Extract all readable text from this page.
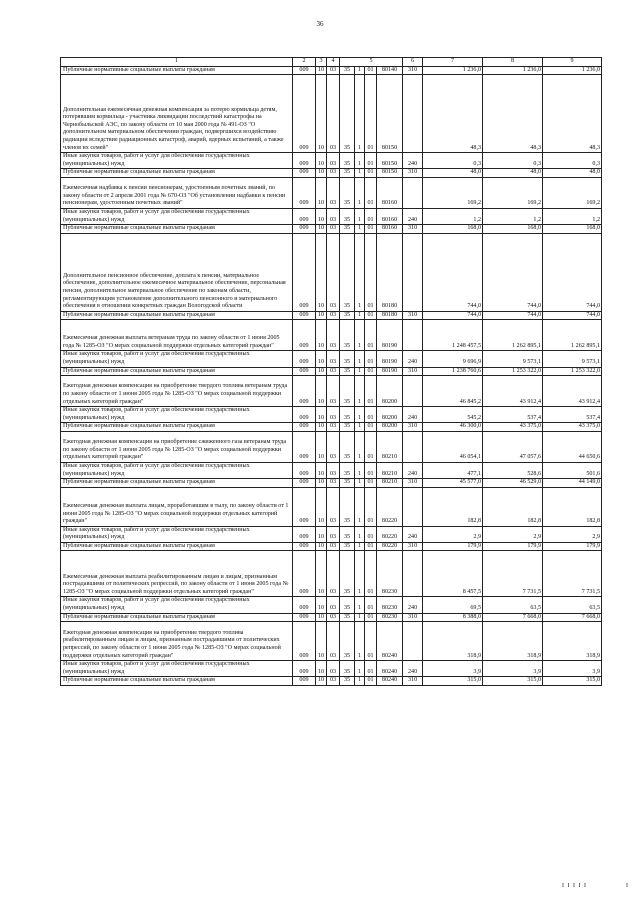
36
1	2	3	4	5				6	7	8	9
Публичные нормативные социальные выплаты гражданам	009	10	03	35	1	01	80140	310	1 236,0	1 236,0	1 236,0
Дополнительная ежемесячная денежная компенсация за потерю кормильца детям, потерявшим кормильца - участника ликвидации последствий катастрофы на Чернобыльской АЭС, по закону области от 10 мая 2000 года № 491-ОЗ "О дополнительном материальном обеспечении граждан, подвергшихся воздействию радиации вследствие радиационных катастроф, аварий, ядерных испытаний, а также членов их семей"	009	10	03	35	1	01	80150		48,3	48,3	48,3
Иные закупки товаров, работ и услуг для обеспечения государственных (муниципальных) нужд	009	10	03	35	1	01	80150	240	0,3	0,3	0,3
Публичные нормативные социальные выплаты гражданам	009	10	03	35	1	01	80150	310	48,0	48,0	48,0
Ежемесячная надбавка к пенсии пенсионерам, удостоенным почетных званий, по закону области от 2 апреля 2001 года № 670-ОЗ "Об установлении надбавки к пенсии пенсионерам, удостоенным почетных званий"	009	10	03	35	1	01	80160		169,2	169,2	169,2
Иные закупки товаров, работ и услуг для обеспечения государственных (муниципальных) нужд	009	10	03	35	1	01	80160	240	1,2	1,2	1,2
Публичные нормативные социальные выплаты гражданам	009	10	03	35	1	01	80160	310	168,0	168,0	168,0
Дополнительное пенсионное обеспечение, доплата к пенсии, материальное обеспечение, дополнительное ежемесячное материальное обеспечение, персональная пенсия, дополнительное материальное обеспечение по законам области, регламентирующим установление дополнительного пенсионного и материального обеспечения в отношении конкретных граждан Вологодской области	009	10	03	35	1	01	80180		744,0	744,0	744,0
Публичные нормативные социальные выплаты гражданам	009	10	03	35	1	01	80180	310	744,0	744,0	744,0
Ежемесячная денежная выплата ветеранам труда по закону области от 1 июня 2005 года № 1285-ОЗ "О мерах социальной поддержки отдельных категорий граждан"	009	10	03	35	1	01	80190		1 248 457,5	1 262 895,1	1 262 895,1
Иные закупки товаров, работ и услуг для обеспечения государственных (муниципальных) нужд	009	10	03	35	1	01	80190	240	9 696,9	9 573,1	9 573,1
Публичные нормативные социальные выплаты гражданам	009	10	03	35	1	01	80190	310	1 238 760,6	1 253 322,0	1 253 322,0
Ежегодная денежная компенсация на приобретение твердого топлива ветеранам труда по закону области от 1 июня 2005 года № 1285-ОЗ "О мерах социальной поддержки отдельных категорий граждан"	009	10	03	35	1	01	80200		46 845,2	43 912,4	43 912,4
Иные закупки товаров, работ и услуг для обеспечения государственных (муниципальных) нужд	009	10	03	35	1	01	80200	240	545,2	537,4	537,4
Публичные нормативные социальные выплаты гражданам	009	10	03	35	1	01	80200	310	46 300,0	43 375,0	43 375,0
Ежегодная денежная компенсация на приобретение сжиженного газа ветеранам труда по закону области от 1 июня 2005 года № 1285-ОЗ "О мерах социальной поддержки отдельных категорий граждан"	009	10	03	35	1	01	80210		46 054,1	47 057,6	44 650,6
Иные закупки товаров, работ и услуг для обеспечения государственных (муниципальных) нужд	009	10	03	35	1	01	80210	240	477,1	528,6	501,6
Публичные нормативные социальные выплаты гражданам	009	10	03	35	1	01	80210	310	45 577,0	46 529,0	44 149,0
Ежемесячная денежная выплата лицам, проработавшим в тылу, по закону области от 1 июня 2005 года № 1285-ОЗ "О мерах социальной поддержки отдельных категорий граждан"	009	10	03	35	1	01	80220		182,8	182,8	182,8
Иные закупки товаров, работ и услуг для обеспечения государственных (муниципальных) нужд	009	10	03	35	1	01	80220	240	2,9	2,9	2,9
Публичные нормативные социальные выплаты гражданам	009	10	03	35	1	01	80220	310	179,9	179,9	179,9
Ежемесячная денежная выплата реабилитированным лицам и лицам, признанным пострадавшими от политических репрессий, по закону области от 1 июня 2005 года № 1285-ОЗ "О мерах социальной поддержки отдельных категорий граждан"	009	10	03	35	1	01	80230		8 457,5	7 731,5	7 731,5
Иные закупки товаров, работ и услуг для обеспечения государственных (муниципальных) нужд	009	10	03	35	1	01	80230	240	69,5	63,5	63,5
Публичные нормативные социальные выплаты гражданам	009	10	03	35	1	01	80230	310	8 388,0	7 668,0	7 668,0
Ежегодная денежная компенсация на приобретение твердого топлива реабилитированным лицам и лицам, признанным пострадавшими от политических репрессий, по закону области от 1 июня 2005 года № 1285-ОЗ "О мерах социальной поддержки отдельных категорий граждан"	009	10	03	35	1	01	80240		318,9	318,9	318,9
Иные закупки товаров, работ и услуг для обеспечения государственных (муниципальных) нужд	009	10	03	35	1	01	80240	240	3,9	3,9	3,9
Публичные нормативные социальные выплаты гражданам	009	10	03	35	1	01	80240	310	315,0	315,0	315,0
I I I I I	I
